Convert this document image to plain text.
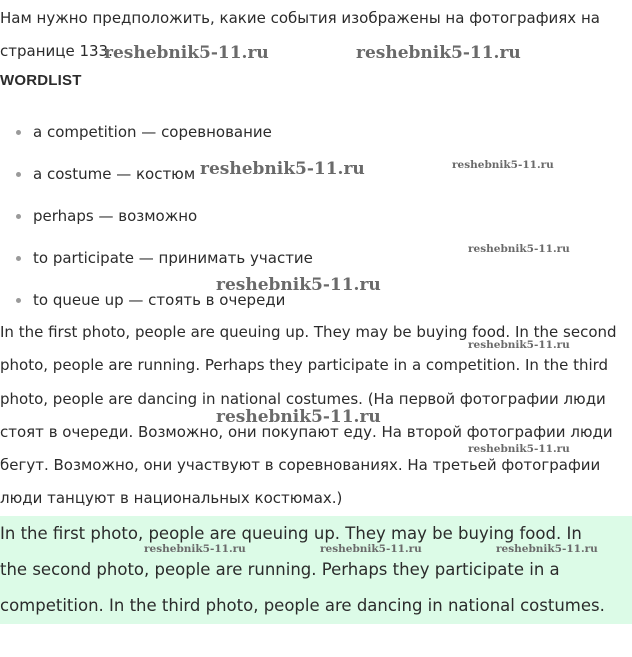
Нам нужно предположить, какие события изображены на фотографиях на странице 133.

WORDLIST
a competition — соревнование
a costume — костюм
perhaps — возможно
to participate — принимать участие
to queue up — стоять в очереди

In the first photo, people are queuing up. They may be buying food. In the second photo, people are running. Perhaps they participate in a competition. In the third photo, people are dancing in national costumes. (На первой фотографии люди стоят в очереди. Возможно, они покупают еду. На второй фотографии люди бегут. Возможно, они участвуют в соревнованиях. На третьей фотографии люди танцуют в национальных костюмах.)

In the first photo, people are queuing up. They may be buying food. In the second photo, people are running. Perhaps they participate in a competition. In the third photo, people are dancing in national costumes.

reshebnik5-11.ru	reshebnik5-11.ru
reshebnik5-11.ru	reshebnik5-11.ru
reshebnik5-11.ru
reshebnik5-11.ru
reshebnik5-11.ru
reshebnik5-11.ru
reshebnik5-11.ru
reshebnik5-11.ru	reshebnik5-11.ru	reshebnik5-11.ru
